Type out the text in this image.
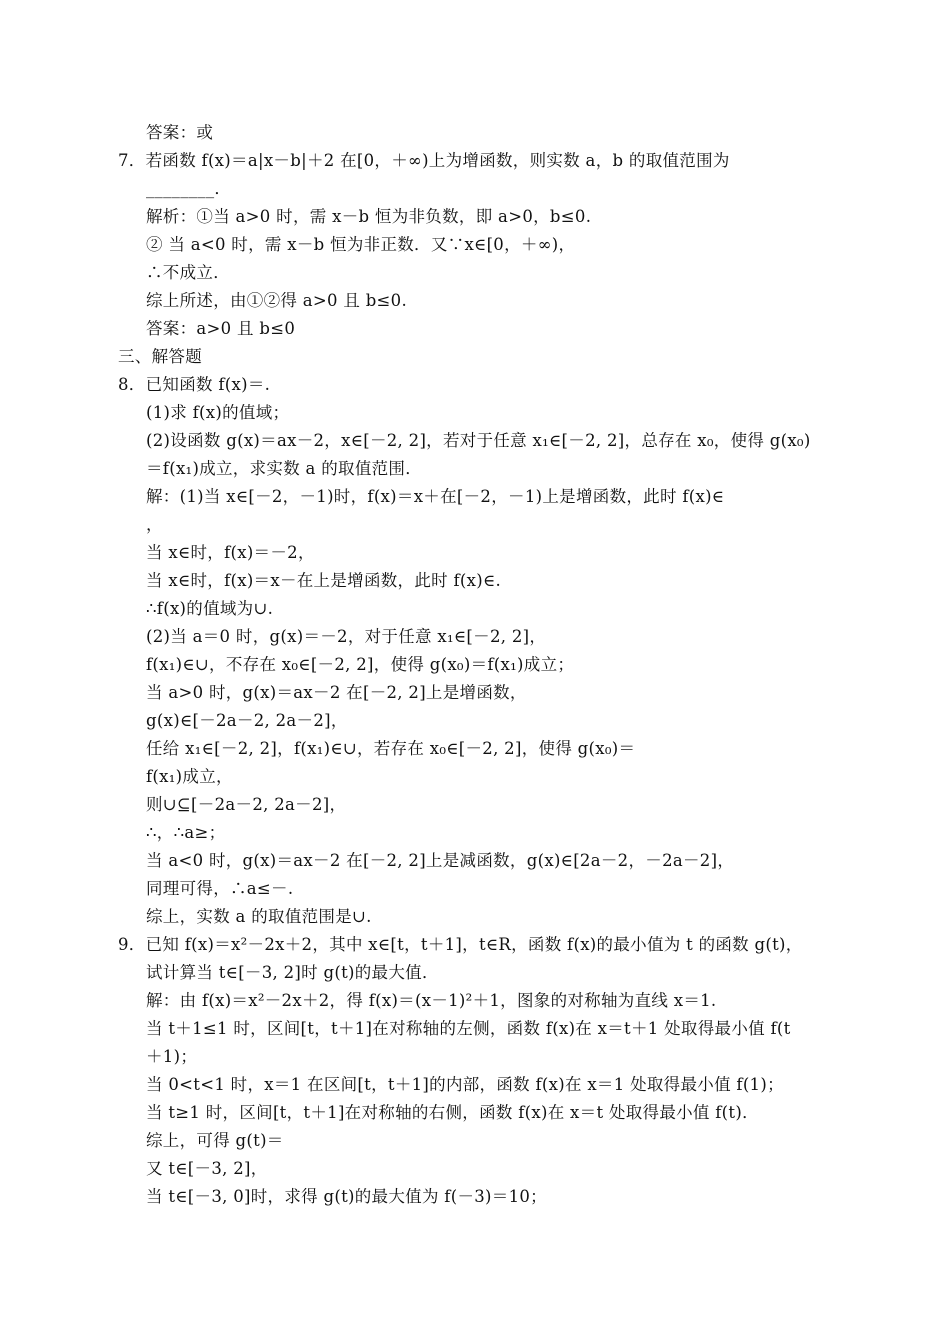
答案：或
7．若函数 f(x)＝a|x－b|＋2 在[0，＋∞)上为增函数，则实数 a，b 的取值范围为
________．
解析：①当 a>0 时，需 x－b 恒为非负数，即 a>0，b≤0.
② 当 a<0 时，需 x－b 恒为非正数．又∵x∈[0，＋∞)，
∴不成立．
综上所述，由①②得 a>0 且 b≤0.
答案：a>0 且 b≤0
三、解答题
8．已知函数 f(x)＝.
(1)求 f(x)的值域；
(2)设函数 g(x)＝ax－2，x∈[－2, 2]，若对于任意 x₁∈[－2, 2]，总存在 x₀，使得 g(x₀)
＝f(x₁)成立，求实数 a 的取值范围．
解：(1)当 x∈[－2，－1)时，f(x)＝x＋在[－2，－1)上是增函数，此时 f(x)∈
，
当 x∈时，f(x)＝－2，
当 x∈时，f(x)＝x－在上是增函数，此时 f(x)∈.
∴f(x)的值域为∪.
(2)当 a＝0 时，g(x)＝－2，对于任意 x₁∈[－2, 2]，
f(x₁)∈∪，不存在 x₀∈[－2, 2]，使得 g(x₀)＝f(x₁)成立；
当 a>0 时，g(x)＝ax－2 在[－2, 2]上是增函数，
g(x)∈[－2a－2, 2a－2]，
任给 x₁∈[－2, 2]，f(x₁)∈∪，若存在 x₀∈[－2, 2]，使得 g(x₀)＝
f(x₁)成立，
则∪⊆[－2a－2, 2a－2]，
∴，∴a≥；
当 a<0 时，g(x)＝ax－2 在[－2, 2]上是减函数，g(x)∈[2a－2，－2a－2]，
同理可得，∴a≤－.
综上，实数 a 的取值范围是∪.
9．已知 f(x)＝x²－2x＋2，其中 x∈[t，t＋1]，t∈R，函数 f(x)的最小值为 t 的函数 g(t)，
试计算当 t∈[－3, 2]时 g(t)的最大值．
解：由 f(x)＝x²－2x＋2，得 f(x)＝(x－1)²＋1，图象的对称轴为直线 x＝1.
当 t＋1≤1 时，区间[t，t＋1]在对称轴的左侧，函数 f(x)在 x＝t＋1 处取得最小值 f(t
＋1)；
当 0<t<1 时，x＝1 在区间[t，t＋1]的内部，函数 f(x)在 x＝1 处取得最小值 f(1)；
当 t≥1 时，区间[t，t＋1]在对称轴的右侧，函数 f(x)在 x＝t 处取得最小值 f(t)．
综上，可得 g(t)＝
又 t∈[－3, 2]，
当 t∈[－3, 0]时，求得 g(t)的最大值为 f(－3)＝10；
